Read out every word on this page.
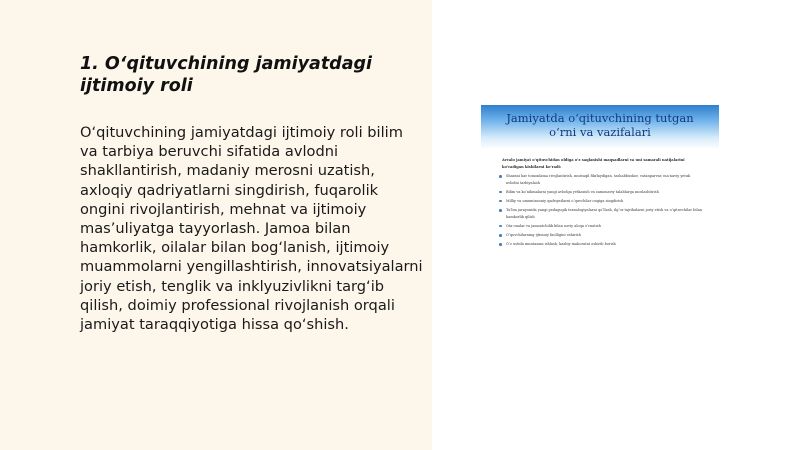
1. O‘qituvchining jamiyatdagi ijtimoiy roli

O‘qituvchining jamiyatdagi ijtimoiy roli bilim va tarbiya beruvchi sifatida avlodni shakllantirish, madaniy merosni uzatish, axloqiy qadriyatlarni singdirish, fuqarolik ongini rivojlantirish, mehnat va ijtimoiy mas’uliyatga tayyorlash. Jamoa bilan hamkorlik, oilalar bilan bog‘lanish, ijtimoiy muammolarni yengillashtirish, innovatsiyalarni joriy etish, tenglik va inklyuzivlikni targ‘ib qilish, doimiy professional rivojlanish orqali jamiyat taraqqiyotiga hissa qo‘shish.

Jamiyatda o‘qituvchining tutgan
o‘rni va vazifalari
Avvalo jamiyat o‘qituvchidan oldiga o‘z saqlanishi maqsadlarni va uni samarali natijalarini ko‘radigan kishilarni ko‘radi:
Shaxsni har tomonlama rivojlantirish, mustaqil fikrlaydigan, tashabbuskor, vatanparvar, ma’naviy yetuk avlodni tarbiyalash
Bilim va ko‘nikmalarni yangi avlodga yetkazish va zamonaviy talablarga moslashtirish
Milliy va umuminsoniy qadriyatlarni o‘quvchilar ongiga singdirish
Ta’lim jarayonida yangi pedagogik texnologiyalarni qo‘llash, ilg‘or tajribalarni joriy etish va o‘qituvchilar bilan hamkorlik qilish
Ota-onalar va jamoatchilik bilan uzviy aloqa o‘rnatish
O‘quvchilarning ijtimoiy faolligini oshirish
O‘z ustida muntazam ishlash, kasbiy mahoratni oshirib borish
